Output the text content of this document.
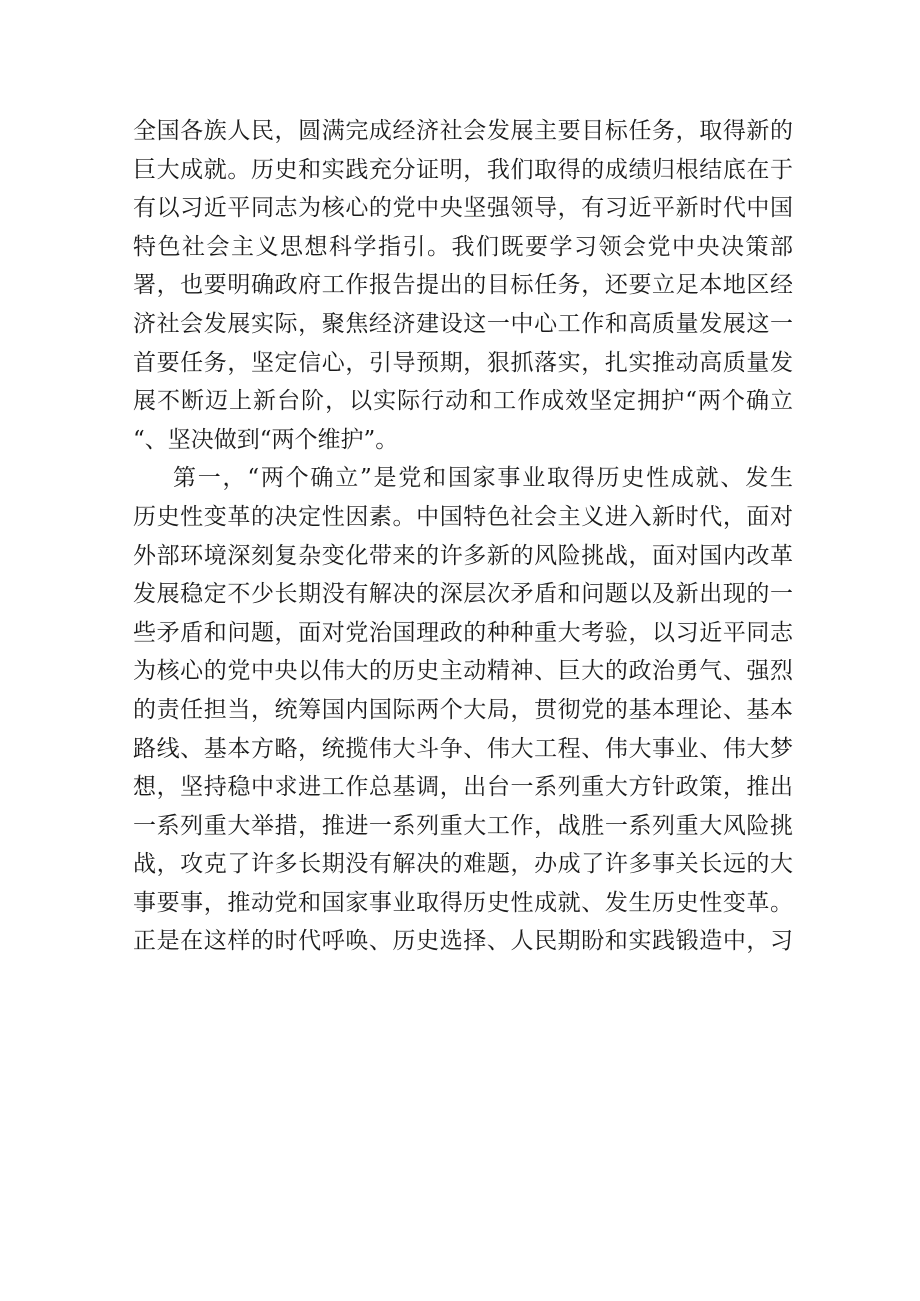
全国各族人民，圆满完成经济社会发展主要目标任务，取得新的
巨大成就。历史和实践充分证明，我们取得的成绩归根结底在于
有以习近平同志为核心的党中央坚强领导，有习近平新时代中国
特色社会主义思想科学指引。我们既要学习领会党中央决策部
署，也要明确政府工作报告提出的目标任务，还要立足本地区经
济社会发展实际，聚焦经济建设这一中心工作和高质量发展这一
首要任务，坚定信心，引导预期，狠抓落实，扎实推动高质量发
展不断迈上新台阶，以实际行动和工作成效坚定拥护“两个确立
“、坚决做到“两个维护”。
第一，“两个确立”是党和国家事业取得历史性成就、发生
历史性变革的决定性因素。中国特色社会主义进入新时代，面对
外部环境深刻复杂变化带来的许多新的风险挑战，面对国内改革
发展稳定不少长期没有解决的深层次矛盾和问题以及新出现的一
些矛盾和问题，面对党治国理政的种种重大考验，以习近平同志
为核心的党中央以伟大的历史主动精神、巨大的政治勇气、强烈
的责任担当，统筹国内国际两个大局，贯彻党的基本理论、基本
路线、基本方略，统揽伟大斗争、伟大工程、伟大事业、伟大梦
想，坚持稳中求进工作总基调，出台一系列重大方针政策，推出
一系列重大举措，推进一系列重大工作，战胜一系列重大风险挑
战，攻克了许多长期没有解决的难题，办成了许多事关长远的大
事要事，推动党和国家事业取得历史性成就、发生历史性变革。
正是在这样的时代呼唤、历史选择、人民期盼和实践锻造中，习
